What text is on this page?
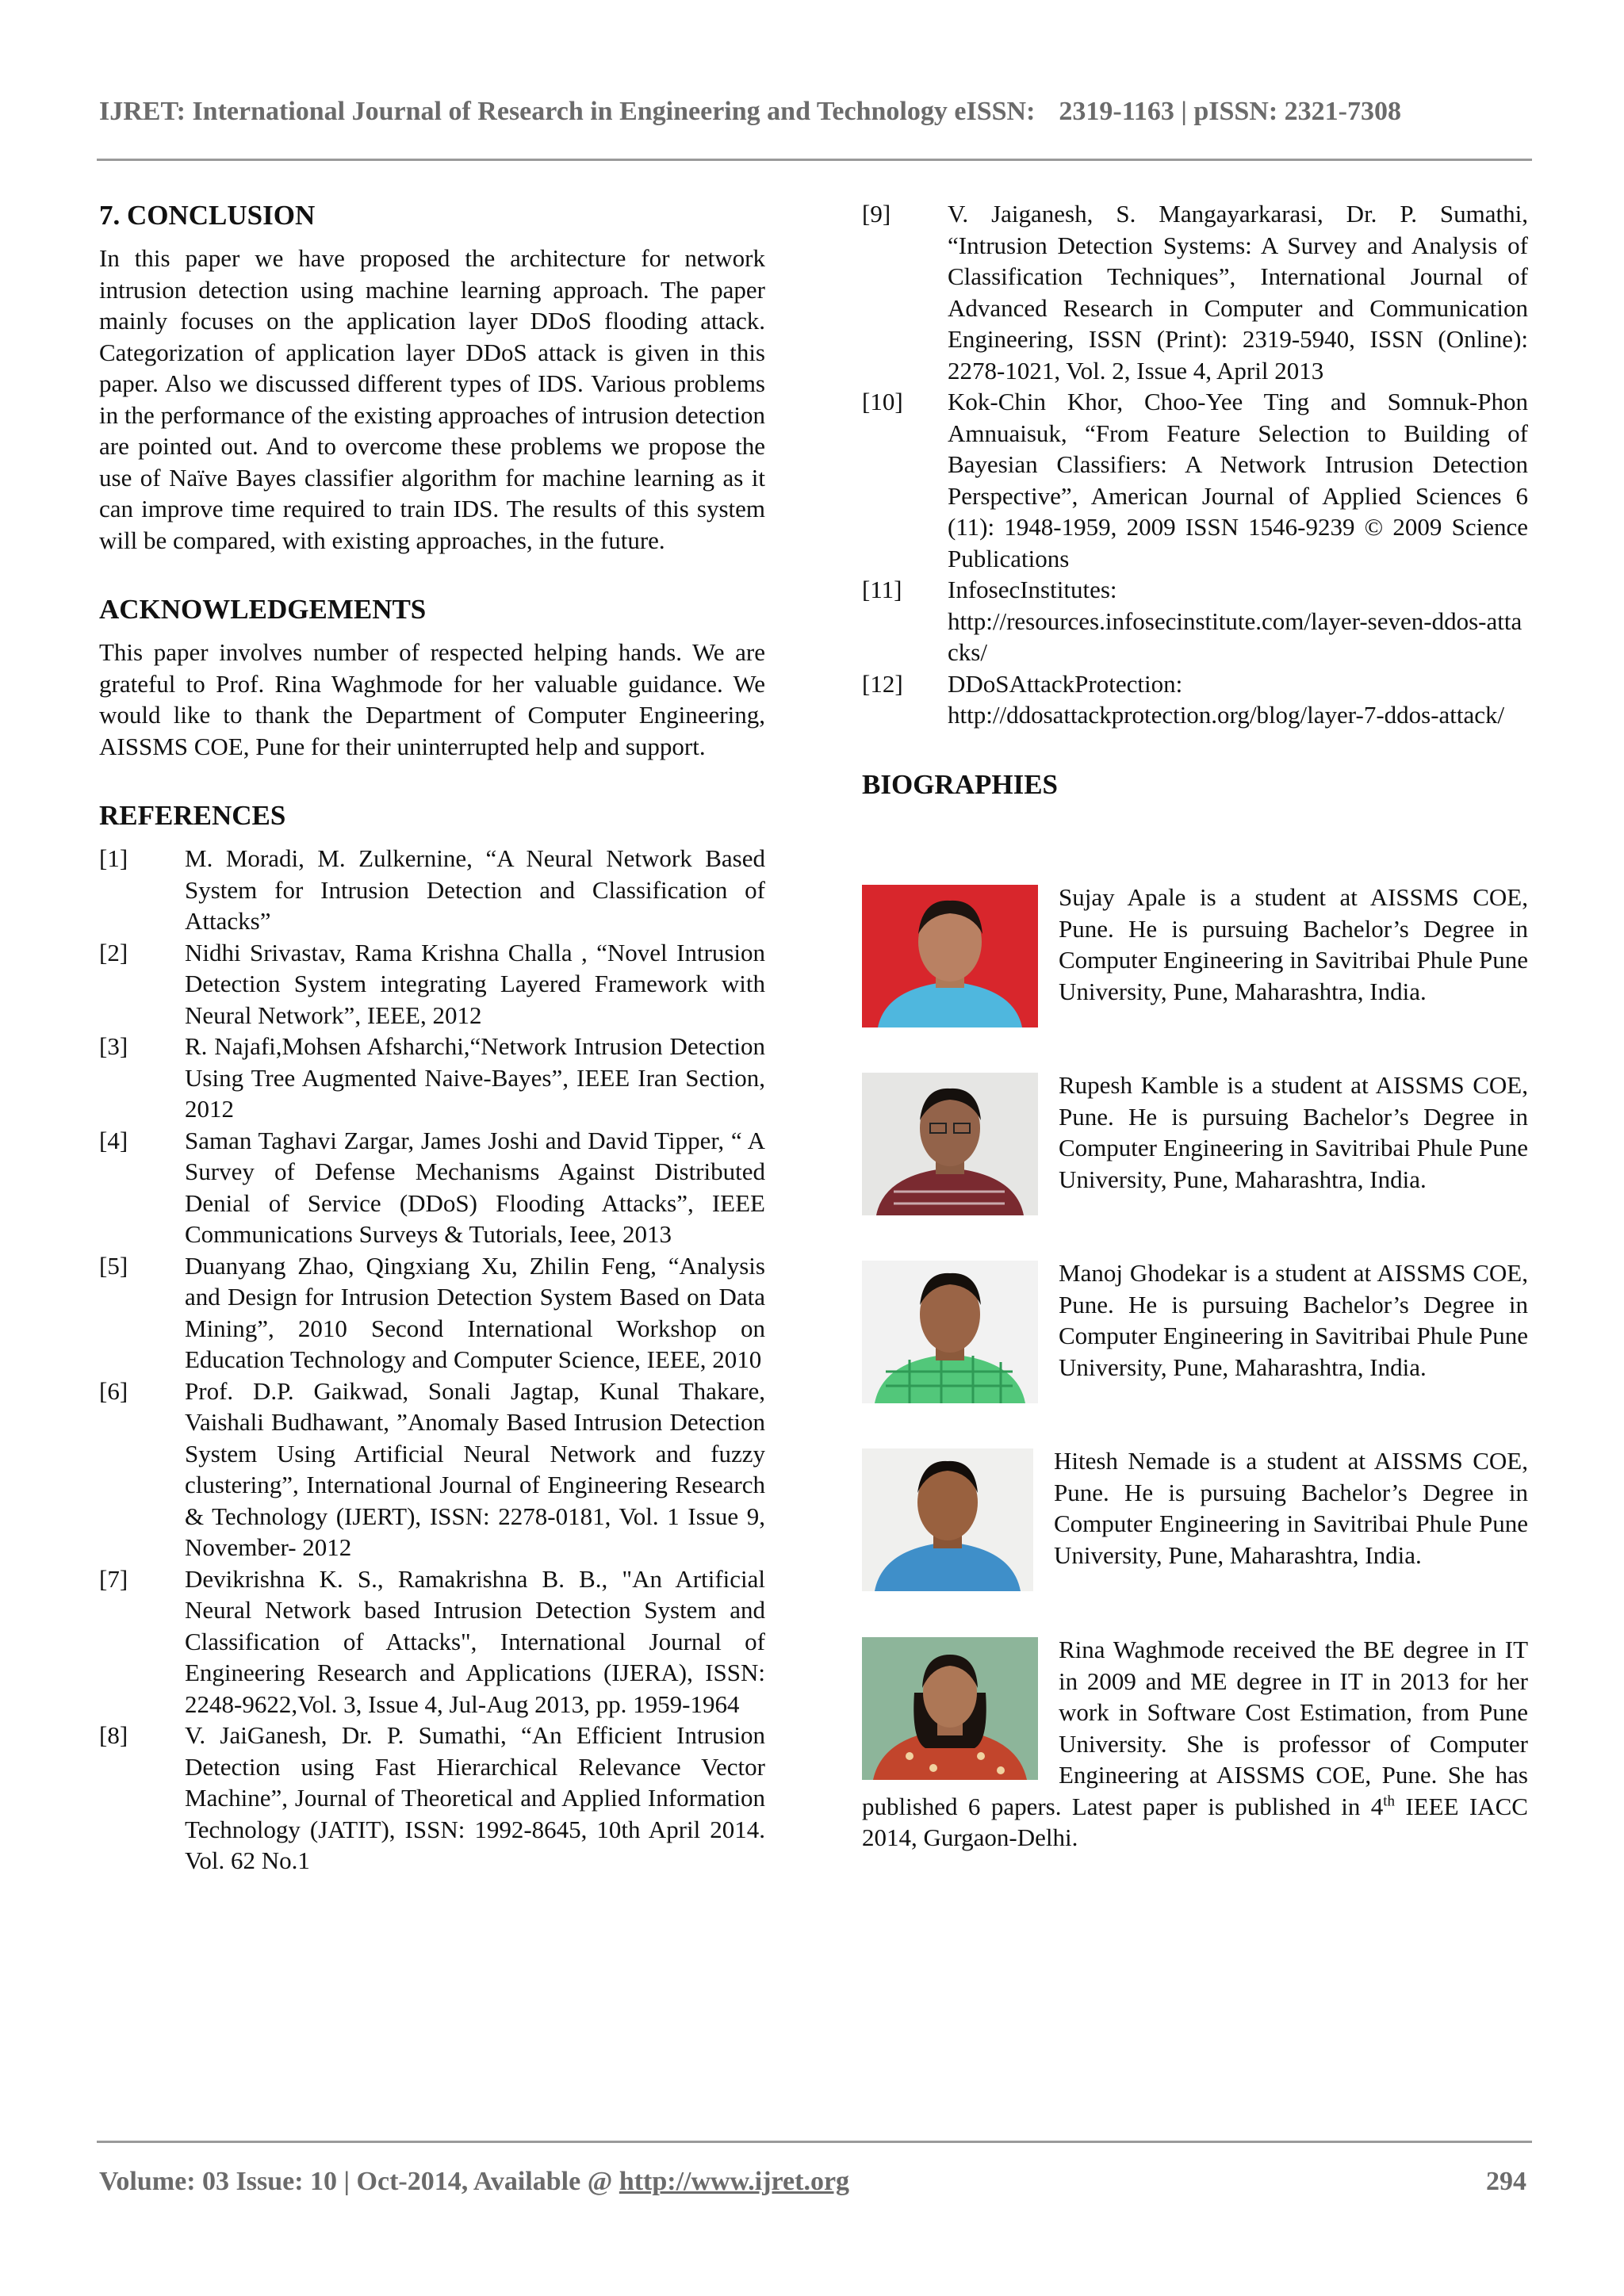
IJRET: International Journal of Research in Engineering and Technology eISSN: 2319-1163 | pISSN: 2321-7308
7. CONCLUSION

In this paper we have proposed the architecture for network intrusion detection using machine learning approach. The paper mainly focuses on the application layer DDoS flooding attack. Categorization of application layer DDoS attack is given in this paper. Also we discussed different types of IDS. Various problems in the performance of the existing approaches of intrusion detection are pointed out. And to overcome these problems we propose the use of Naïve Bayes classifier algorithm for machine learning as it can improve time required to train IDS. The results of this system will be compared, with existing approaches, in the future.

ACKNOWLEDGEMENTS

This paper involves number of respected helping hands. We are grateful to Prof. Rina Waghmode for her valuable guidance. We would like to thank the Department of Computer Engineering, AISSMS COE, Pune for their uninterrupted help and support.

REFERENCES
[1]	M. Moradi, M. Zulkernine, “A Neural Network Based System for Intrusion Detection and Classification of Attacks”
[2]	Nidhi Srivastav, Rama Krishna Challa , “Novel Intrusion Detection System integrating Layered Framework with Neural Network”, IEEE, 2012
[3]	R. Najafi,Mohsen Afsharchi,“Network Intrusion Detection Using Tree Augmented Naive-Bayes”, IEEE Iran Section, 2012
[4]	Saman Taghavi Zargar, James Joshi and David Tipper, “ A Survey of Defense Mechanisms Against Distributed Denial of Service (DDoS) Flooding Attacks”, IEEE Communications Surveys & Tutorials, Ieee, 2013
[5]	Duanyang Zhao, Qingxiang Xu, Zhilin Feng, “Analysis and Design for Intrusion Detection System Based on Data Mining”, 2010 Second International Workshop on Education Technology and Computer Science, IEEE, 2010
[6]	Prof. D.P. Gaikwad, Sonali Jagtap, Kunal Thakare, Vaishali Budhawant, ”Anomaly Based Intrusion Detection System Using Artificial Neural Network and fuzzy clustering”, International Journal of Engineering Research & Technology (IJERT), ISSN: 2278-0181, Vol. 1 Issue 9, November- 2012
[7]	Devikrishna K. S., Ramakrishna B. B., "An Artificial Neural Network based Intrusion Detection System and Classification of Attacks", International Journal of Engineering Research and Applications (IJERA), ISSN: 2248-9622,Vol. 3, Issue 4, Jul-Aug 2013, pp. 1959-1964
[8]	V. JaiGanesh, Dr. P. Sumathi, “An Efficient Intrusion Detection using Fast Hierarchical Relevance Vector Machine”, Journal of Theoretical and Applied Information Technology (JATIT), ISSN: 1992-8645, 10th April 2014. Vol. 62 No.1
[9]	V. Jaiganesh, S. Mangayarkarasi, Dr. P. Sumathi, “Intrusion Detection Systems: A Survey and Analysis of Classification Techniques”, International Journal of Advanced Research in Computer and Communication Engineering, ISSN (Print): 2319-5940, ISSN (Online): 2278-1021, Vol. 2, Issue 4, April 2013
[10]	Kok-Chin Khor, Choo-Yee Ting and Somnuk-Phon Amnuaisuk, “From Feature Selection to Building of Bayesian Classifiers: A Network Intrusion Detection Perspective”, American Journal of Applied Sciences 6 (11): 1948-1959, 2009 ISSN 1546-9239 © 2009 Science Publications
[11]	InfosecInstitutes:
http://resources.infosecinstitute.com/layer-seven-ddos-attacks/
[12]	DDoSAttackProtection:
http://ddosattackprotection.org/blog/layer-7-ddos-attack/
BIOGRAPHIES
Sujay Apale is a student at AISSMS COE, Pune. He is pursuing Bachelor’s Degree in Computer Engineering in Savitribai Phule Pune University, Pune, Maharashtra, India.
Rupesh Kamble is a student at AISSMS COE, Pune. He is pursuing Bachelor’s Degree in Computer Engineering in Savitribai Phule Pune University, Pune, Maharashtra, India.
Manoj Ghodekar is a student at AISSMS COE, Pune. He is pursuing Bachelor’s Degree in Computer Engineering in Savitribai Phule Pune University, Pune, Maharashtra, India.
Hitesh Nemade is a student at AISSMS COE, Pune. He is pursuing Bachelor’s Degree in Computer Engineering in Savitribai Phule Pune University, Pune, Maharashtra, India.
Rina Waghmode received the BE degree in IT in 2009 and ME degree in IT in 2013 for her work in Software Cost Estimation, from Pune University. She is professor of Computer Engineering at AISSMS COE, Pune. She has published 6 papers. Latest paper is published in 4th IEEE IACC 2014, Gurgaon-Delhi.
Volume: 03 Issue: 10 | Oct-2014, Available @ http://www.ijret.org	294
